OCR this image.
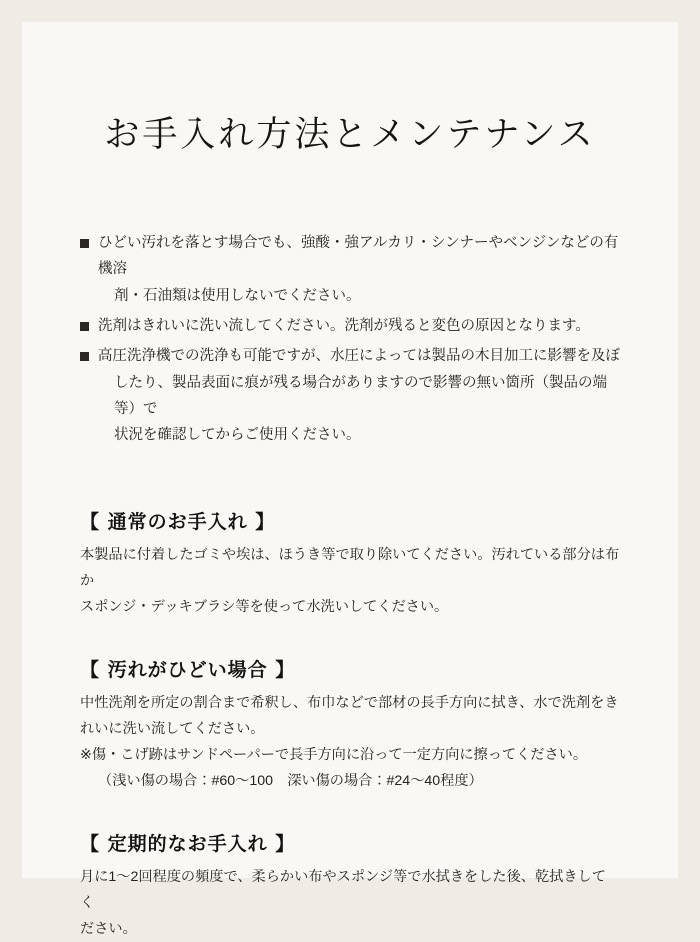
お手入れ方法とメンテナンス
ひどい汚れを落とす場合でも、強酸・強アルカリ・シンナーやベンジンなどの有機溶
剤・石油類は使用しないでください。
洗剤はきれいに洗い流してください。洗剤が残ると変色の原因となります。
高圧洗浄機での洗浄も可能ですが、水圧によっては製品の木目加工に影響を及ぼ
したり、製品表面に痕が残る場合がありますので影響の無い箇所（製品の端等）で
状況を確認してからご使用ください。
【 通常のお手入れ 】
本製品に付着したゴミや埃は、ほうき等で取り除いてください。汚れている部分は布か
スポンジ・デッキブラシ等を使って水洗いしてください。
【 汚れがひどい場合 】
中性洗剤を所定の割合まで希釈し、布巾などで部材の長手方向に拭き、水で洗剤をき
れいに洗い流してください。
※傷・こげ跡はサンドペーパーで長手方向に沿って一定方向に擦ってください。
（浅い傷の場合：#60〜100　深い傷の場合：#24〜40程度）
【 定期的なお手入れ 】
月に1〜2回程度の頻度で、柔らかい布やスポンジ等で水拭きをした後、乾拭きしてく
ださい。
